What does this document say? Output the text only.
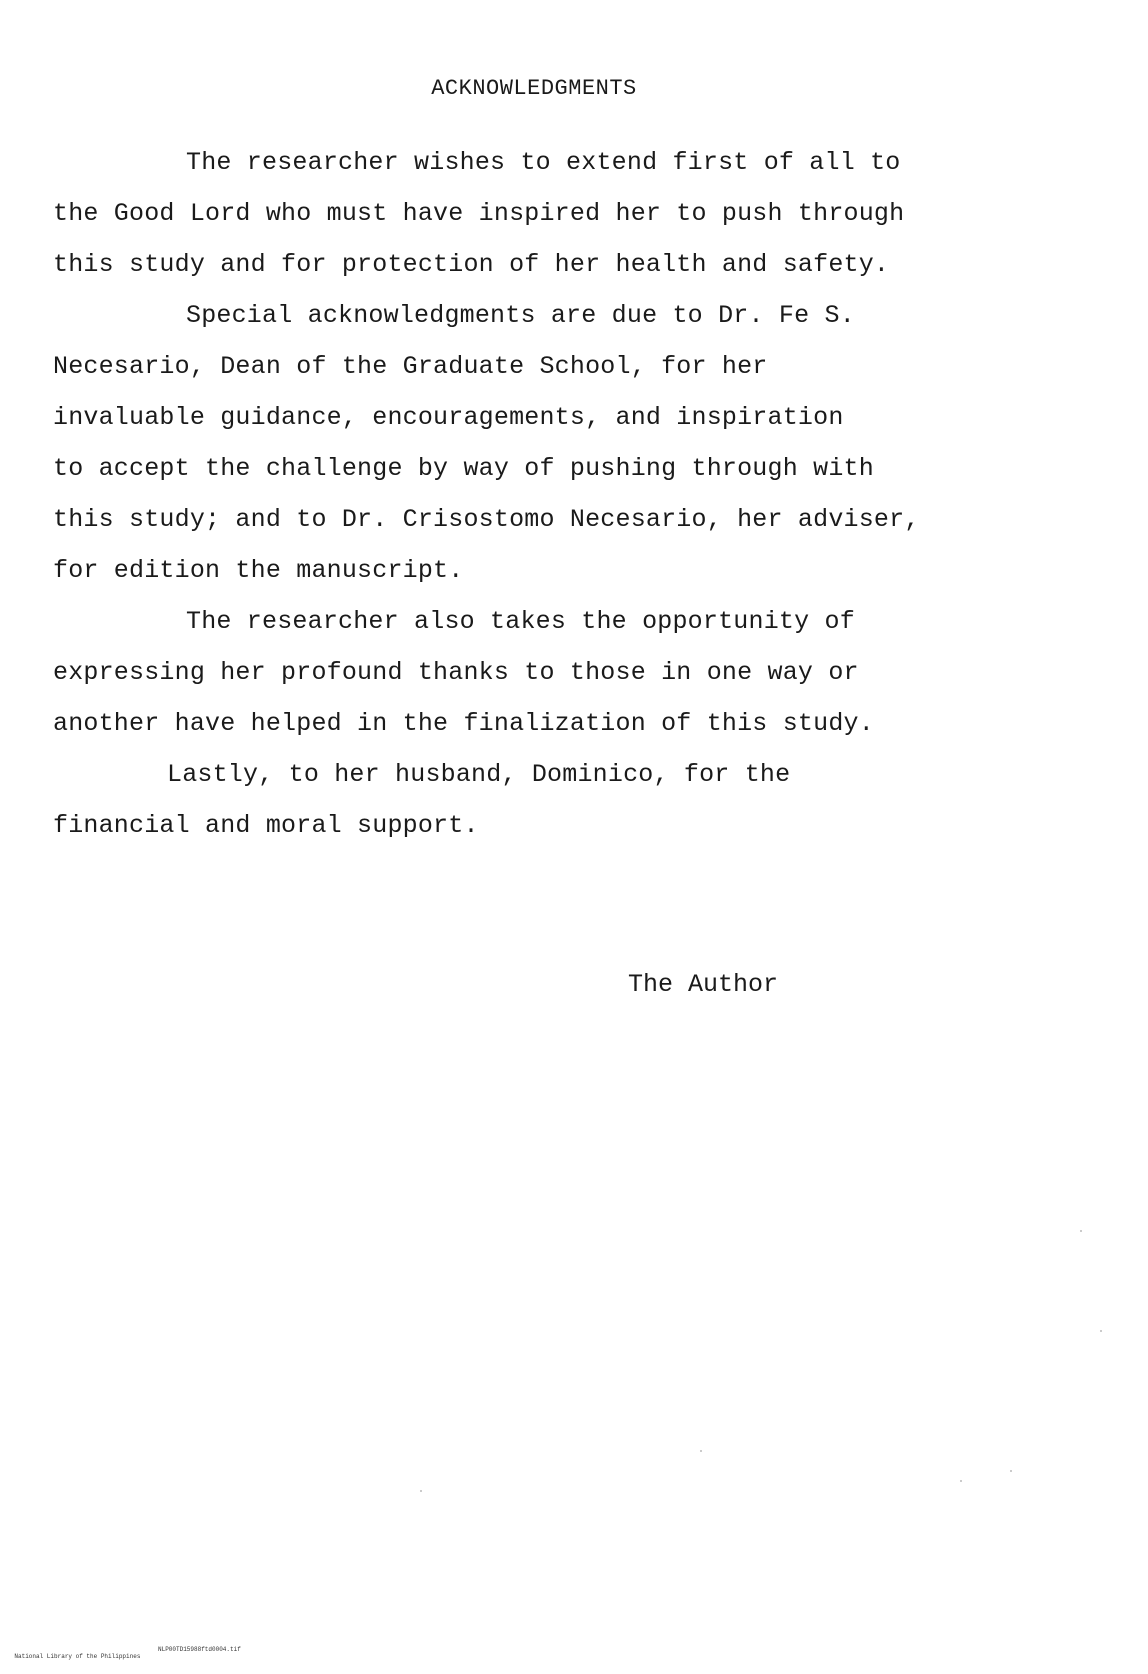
ACKNOWLEDGMENTS
The researcher wishes to extend first of all to
the Good Lord who must have inspired her to push through
this study and for protection of her health and safety.
Special acknowledgments are due to Dr. Fe S.
Necesario, Dean of the Graduate School, for her
invaluable guidance, encouragements, and inspiration
to accept the challenge by way of pushing through with
this study; and to Dr. Crisostomo Necesario, her adviser,
for edition the manuscript.
The researcher also takes the opportunity of
expressing her profound thanks to those in one way or
another have helped in the finalization of this study.
Lastly, to her husband, Dominico, for the
financial and moral support.
The Author

National Library of the Philippines

NLP00TD15988ftd0004.tif
